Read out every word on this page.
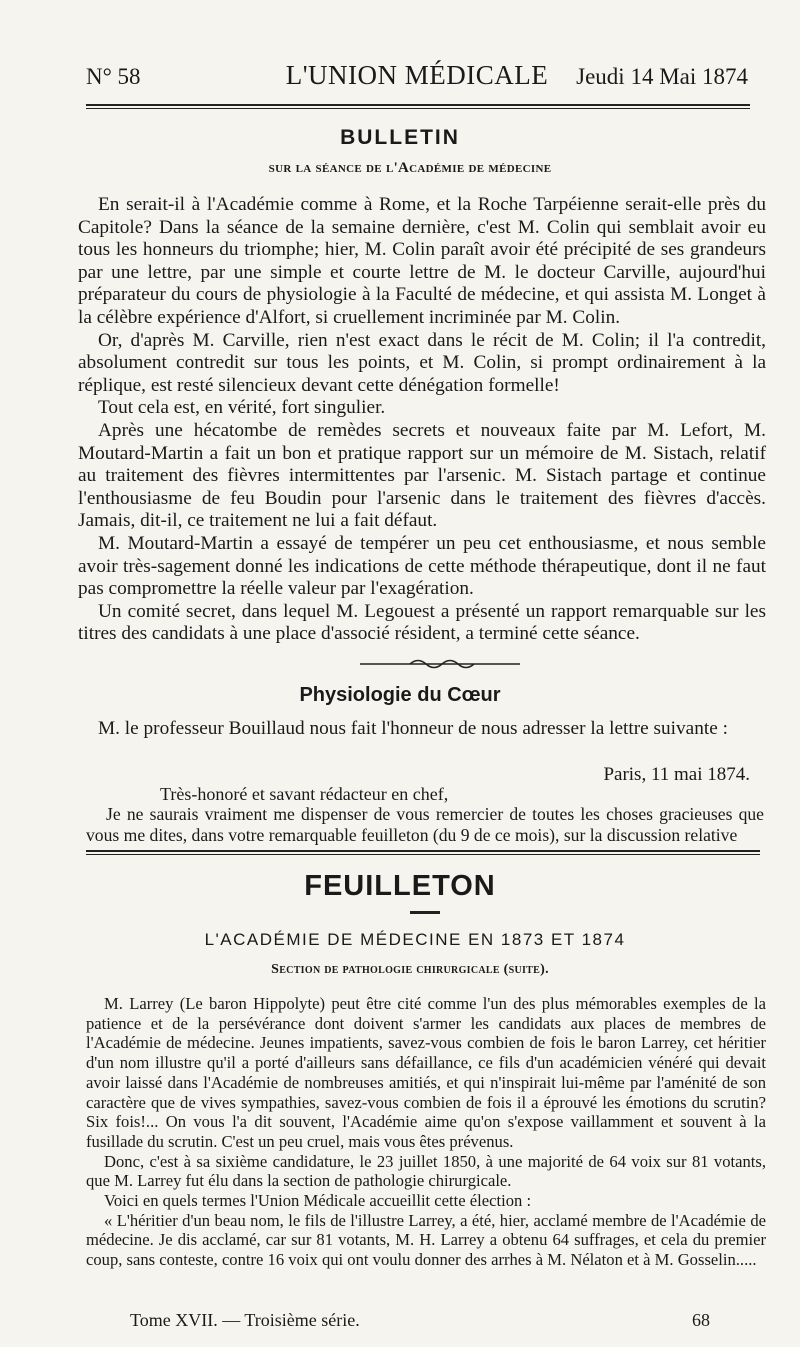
N° 58	L'UNION MÉDICALE	Jeudi 14 Mai 1874
BULLETIN
sur la séance de l'Académie de médecine

En serait-il à l'Académie comme à Rome, et la Roche Tarpéienne serait-elle près du Capitole? Dans la séance de la semaine dernière, c'est M. Colin qui semblait avoir eu tous les honneurs du triomphe; hier, M. Colin paraît avoir été précipité de ses grandeurs par une lettre, par une simple et courte lettre de M. le docteur Carville, aujourd'hui préparateur du cours de physiologie à la Faculté de médecine, et qui assista M. Longet à la célèbre expérience d'Alfort, si cruellement incriminée par M. Colin.

Or, d'après M. Carville, rien n'est exact dans le récit de M. Colin; il l'a contredit, absolument contredit sur tous les points, et M. Colin, si prompt ordinairement à la réplique, est resté silencieux devant cette dénégation formelle!

Tout cela est, en vérité, fort singulier.

Après une hécatombe de remèdes secrets et nouveaux faite par M. Lefort, M. Moutard-Martin a fait un bon et pratique rapport sur un mémoire de M. Sistach, relatif au traitement des fièvres intermittentes par l'arsenic. M. Sistach partage et continue l'enthousiasme de feu Boudin pour l'arsenic dans le traitement des fièvres d'accès. Jamais, dit-il, ce traitement ne lui a fait défaut.

M. Moutard-Martin a essayé de tempérer un peu cet enthousiasme, et nous semble avoir très-sagement donné les indications de cette méthode thérapeutique, dont il ne faut pas compromettre la réelle valeur par l'exagération.

Un comité secret, dans lequel M. Legouest a présenté un rapport remarquable sur les titres des candidats à une place d'associé résident, a terminé cette séance.

Physiologie du Cœur

M. le professeur Bouillaud nous fait l'honneur de nous adresser la lettre suivante :

Paris, 11 mai 1874.
Très-honoré et savant rédacteur en chef,

Je ne saurais vraiment me dispenser de vous remercier de toutes les choses gracieuses que vous me dites, dans votre remarquable feuilleton (du 9 de ce mois), sur la discussion relative

FEUILLETON
L'ACADÉMIE DE MÉDECINE EN 1873 ET 1874
Section de pathologie chirurgicale (suite).

M. Larrey (Le baron Hippolyte) peut être cité comme l'un des plus mémorables exemples de la patience et de la persévérance dont doivent s'armer les candidats aux places de membres de l'Académie de médecine. Jeunes impatients, savez-vous combien de fois le baron Larrey, cet héritier d'un nom illustre qu'il a porté d'ailleurs sans défaillance, ce fils d'un académicien vénéré qui devait avoir laissé dans l'Académie de nombreuses amitiés, et qui n'inspirait lui-même par l'aménité de son caractère que de vives sympathies, savez-vous combien de fois il a éprouvé les émotions du scrutin? Six fois!... On vous l'a dit souvent, l'Académie aime qu'on s'expose vaillamment et souvent à la fusillade du scrutin. C'est un peu cruel, mais vous êtes prévenus.

Donc, c'est à sa sixième candidature, le 23 juillet 1850, à une majorité de 64 voix sur 81 votants, que M. Larrey fut élu dans la section de pathologie chirurgicale.

Voici en quels termes l'Union Médicale accueillit cette élection :

« L'héritier d'un beau nom, le fils de l'illustre Larrey, a été, hier, acclamé membre de l'Académie de médecine. Je dis acclamé, car sur 81 votants, M. H. Larrey a obtenu 64 suffrages, et cela du premier coup, sans conteste, contre 16 voix qui ont voulu donner des arrhes à M. Nélaton et à M. Gosselin.....

Tome XVII. — Troisième série.	68
